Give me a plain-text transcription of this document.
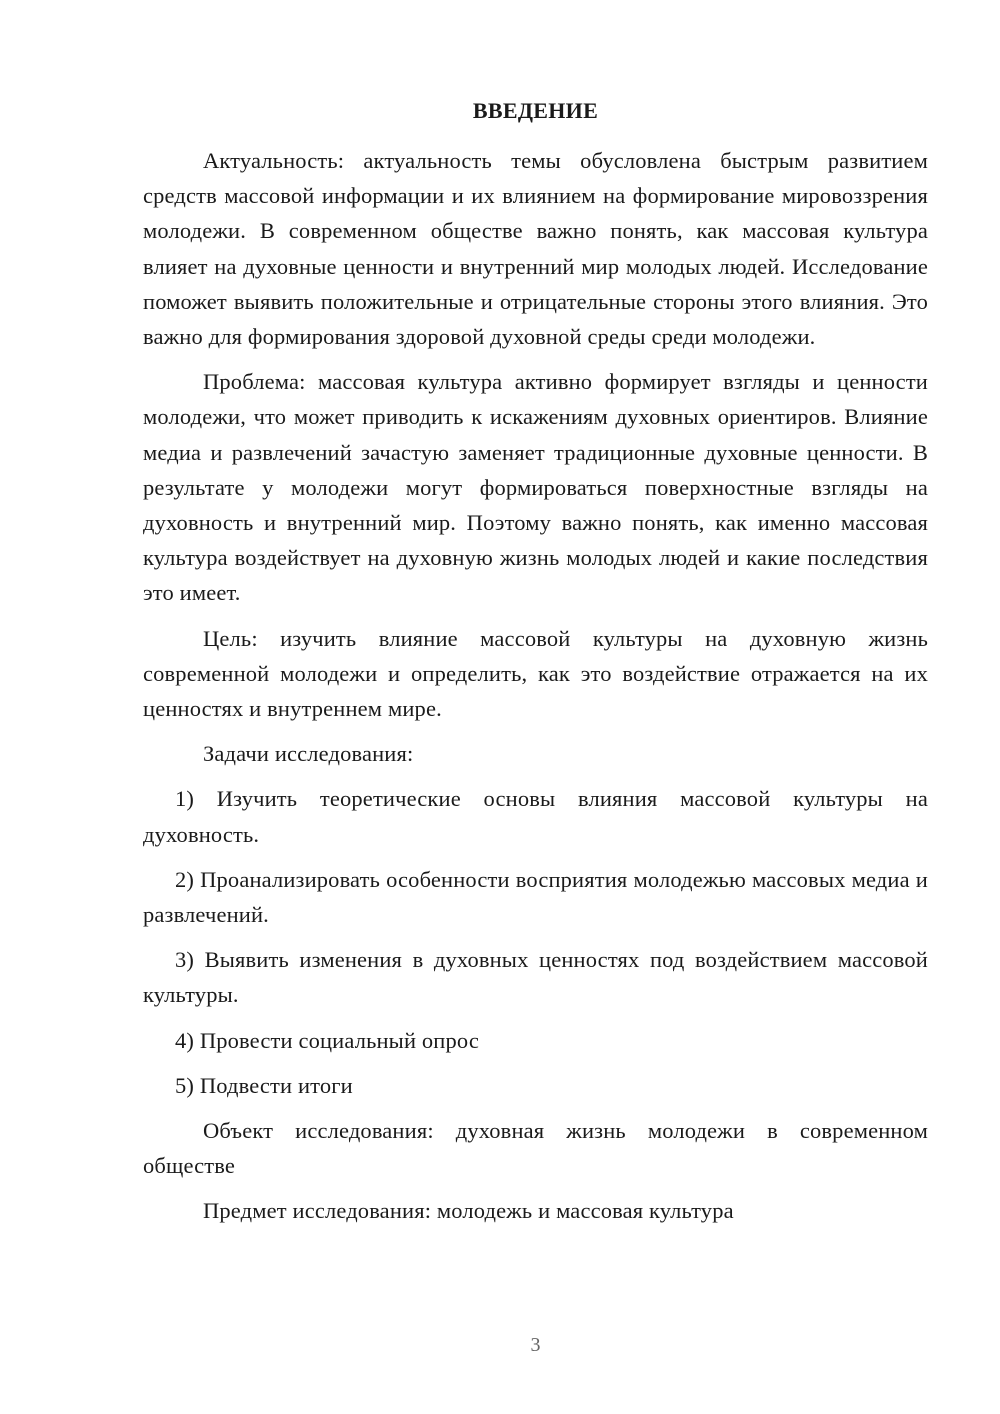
ВВЕДЕНИЕ

Актуальность: актуальность темы обусловлена быстрым развитием средств массовой информации и их влиянием на формирование мировоззрения молодежи. В современном обществе важно понять, как массовая культура влияет на духовные ценности и внутренний мир молодых людей. Исследование поможет выявить положительные и отрицательные стороны этого влияния. Это важно для формирования здоровой духовной среды среди молодежи.

Проблема: массовая культура активно формирует взгляды и ценности молодежи, что может приводить к искажениям духовных ориентиров. Влияние медиа и развлечений зачастую заменяет традиционные духовные ценности. В результате у молодежи могут формироваться поверхностные взгляды на духовность и внутренний мир. Поэтому важно понять, как именно массовая культура воздействует на духовную жизнь молодых людей и какие последствия это имеет.

Цель: изучить влияние массовой культуры на духовную жизнь современной молодежи и определить, как это воздействие отражается на их ценностях и внутреннем мире.

Задачи исследования:

1) Изучить теоретические основы влияния массовой культуры на духовность.

2) Проанализировать особенности восприятия молодежью массовых медиа и развлечений.

3) Выявить изменения в духовных ценностях под воздействием массовой культуры.

4) Провести социальный опрос

5) Подвести итоги

Объект исследования: духовная жизнь молодежи в современном обществе

Предмет исследования: молодежь и массовая культура

3
